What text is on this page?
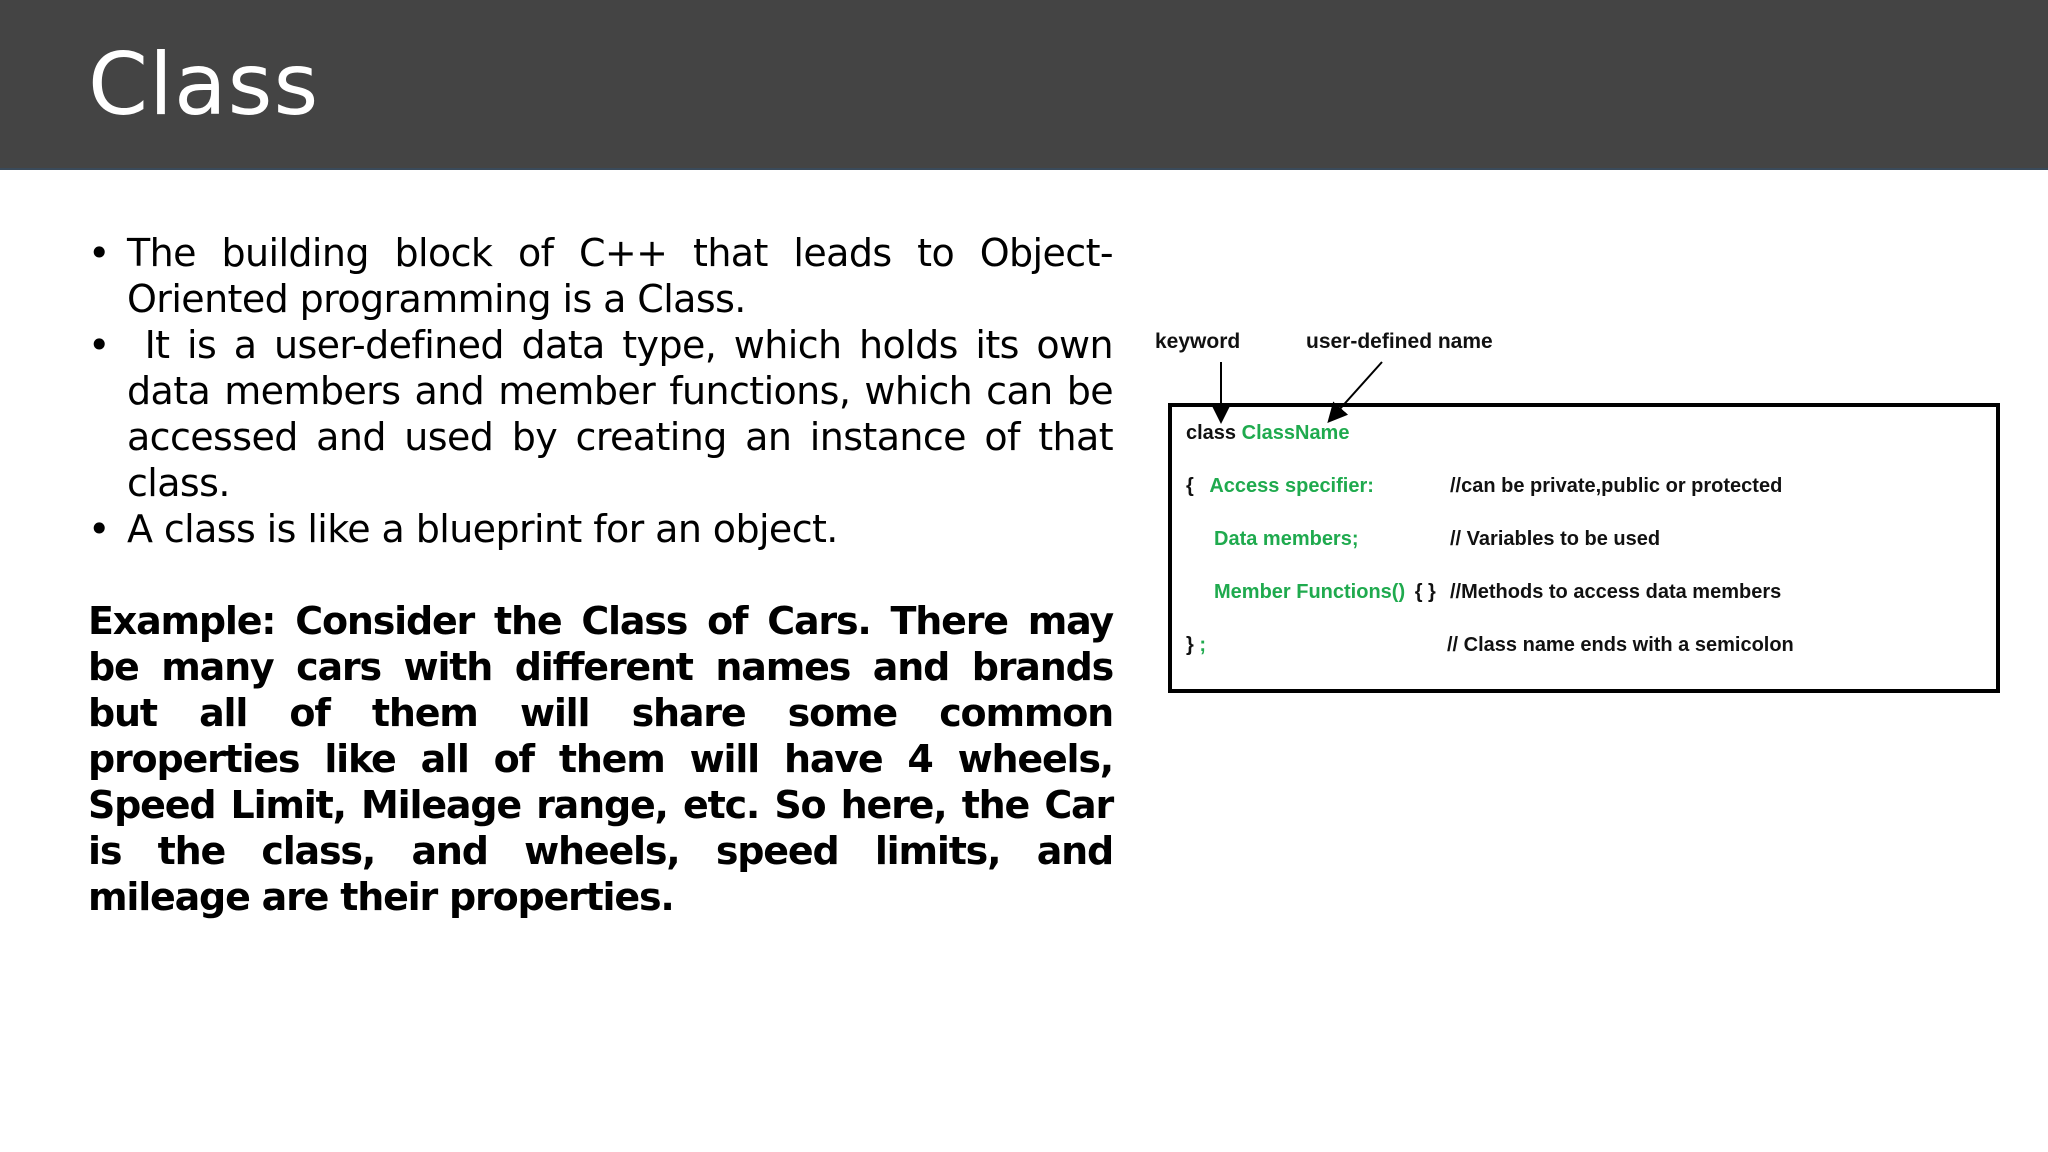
Class
• The building block of C++ that leads to Object-Oriented programming is a Class.
• It is a user-defined data type, which holds its own data members and member functions, which can be accessed and used by creating an instance of that class.
• A class is like a blueprint for an object.
Example: Consider the Class of Cars. There may be many cars with different names and brands but all of them will share some common properties like all of them will have 4 wheels, Speed Limit, Mileage range, etc. So here, the Car is the class, and wheels, speed limits, and mileage are their properties.
keyword	user-defined name
class ClassName
{ Access specifier:	//can be private,public or protected
Data members;	// Variables to be used
Member Functions() { } //Methods to access data members
} ;	// Class name ends with a semicolon
